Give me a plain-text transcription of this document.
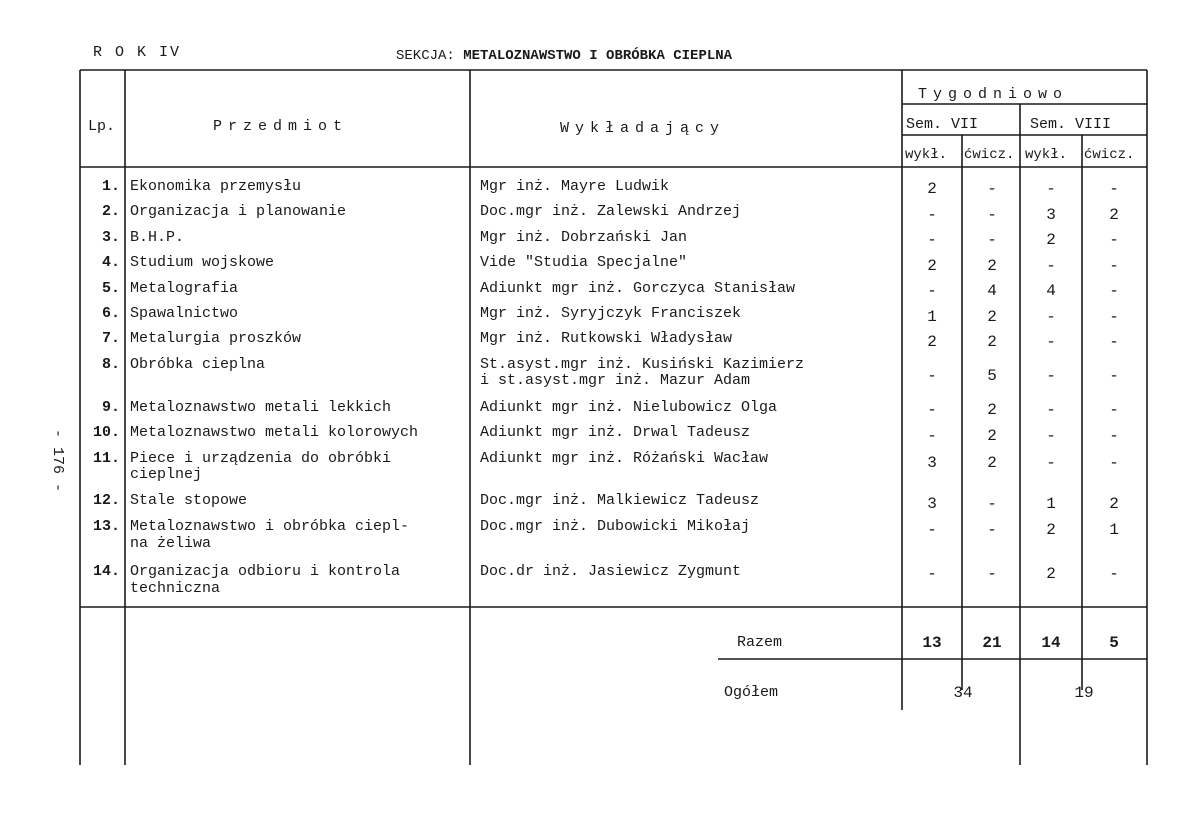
R O K IV	SEKCJA: METALOZNAWSTWO I OBRÓBKA CIEPLNA
- 176 -
Lp.	Przedmiot	Wykładający
Tygodniowo
Sem. VII	Sem. VIII
wykł. ćwicz. wykł. ćwicz.
1. Ekonomika przemysłu	Mgr inż. Mayre Ludwik	2	-	-	-
2. Organizacja i planowanie	Doc.mgr inż. Zalewski Andrzej	-	-	3	2
3. B.H.P.	Mgr inż. Dobrzański Jan	-	-	2	-
4. Studium wojskowe	Vide "Studia Specjalne"	2	2	-	-
5. Metalografia	Adiunkt mgr inż. Gorczyca Stanisław	-	4	4	-
6. Spawalnictwo	Mgr inż. Syryjczyk Franciszek	1	2	-	-
7. Metalurgia proszków	Mgr inż. Rutkowski Władysław	2	2	-	-
8. Obróbka cieplna	St.asyst.mgr inż. Kusiński Kazimierz
i st.asyst.mgr inż. Mazur Adam	-	5	-	-
9. Metaloznawstwo metali lekkich	Adiunkt mgr inż. Nielubowicz Olga	-	2	-	-
10. Metaloznawstwo metali kolorowych	Adiunkt mgr inż. Drwal Tadeusz	-	2	-	-
11. Piece i urządzenia do obróbki
cieplnej
Adiunkt mgr inż. Różański Wacław	3	2	-	-
12. Stale stopowe	Doc.mgr inż. Malkiewicz Tadeusz	3	-	1	2
13. Metaloznawstwo i obróbka ciepl-
na żeliwa
Doc.mgr inż. Dubowicki Mikołaj	-	-	2	1
14. Organizacja odbioru i kontrola
techniczna
Doc.dr inż. Jasiewicz Zygmunt	-	-	2	-
Razem	13	21	14	5
Ogółem	34	19
